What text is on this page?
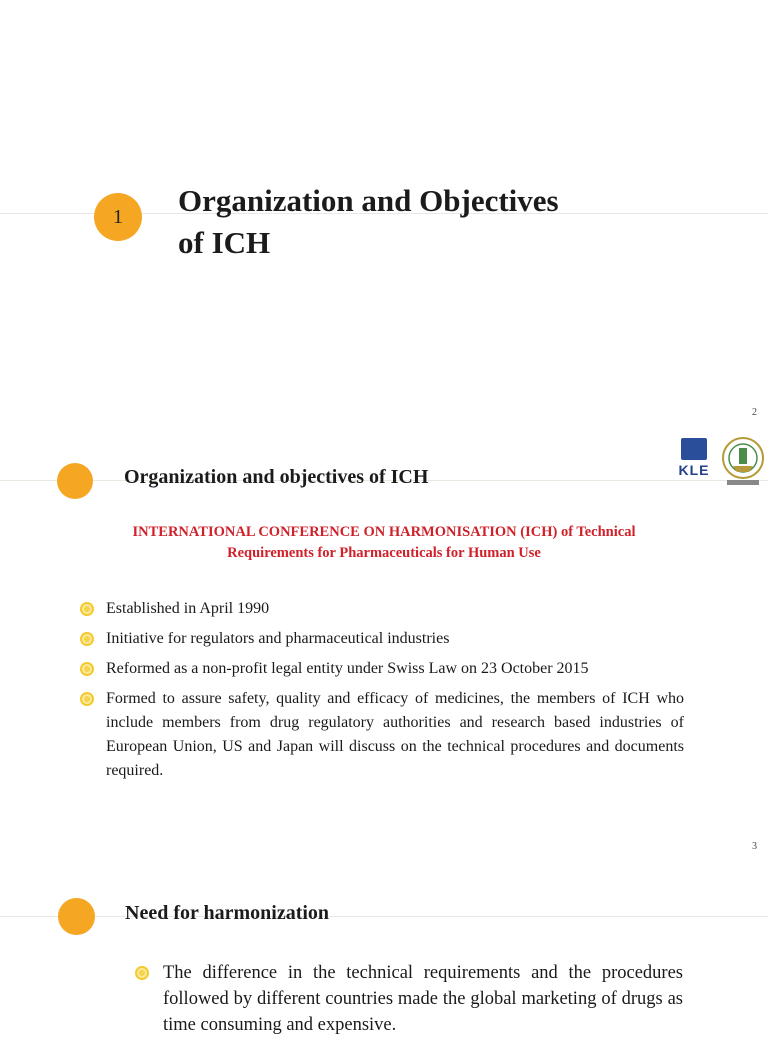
1 Organization and Objectives of ICH
2
Organization and objectives of ICH	KLE
INTERNATIONAL CONFERENCE ON HARMONISATION (ICH) of Technical
Requirements for Pharmaceuticals for Human Use
Established in April 1990
Initiative for regulators and pharmaceutical industries
Reformed as a non-profit legal entity under Swiss Law on 23 October 2015
Formed to assure safety, quality and efficacy of medicines, the members of ICH who include members from drug regulatory authorities and research based industries of European Union, US and Japan will discuss on the technical procedures and documents required.
3
Need for harmonization
The difference in the technical requirements and the procedures followed by different countries made the global marketing of drugs as time consuming and expensive.
